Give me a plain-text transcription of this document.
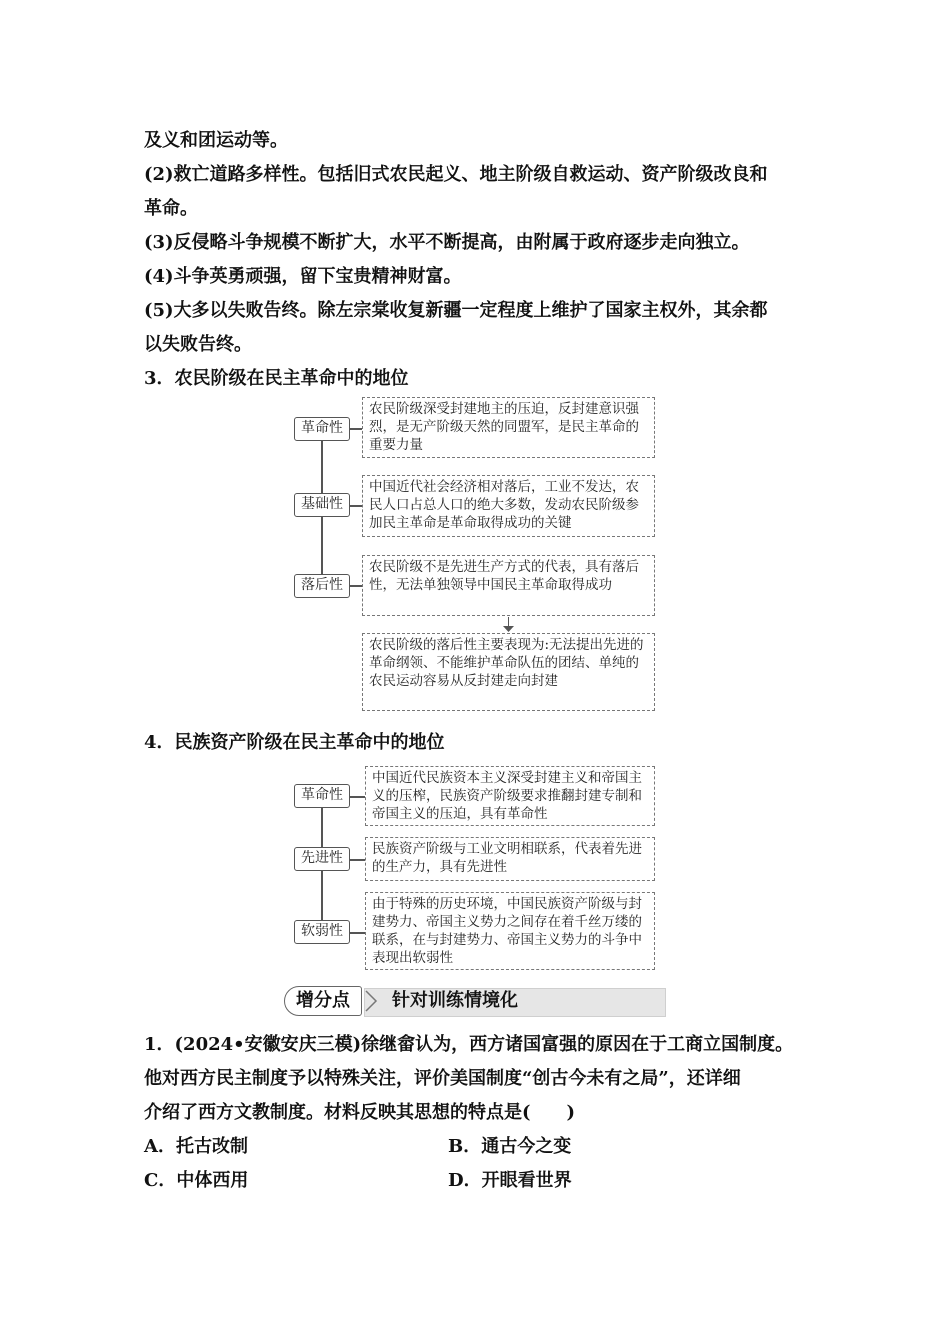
及义和团运动等。
(2)救亡道路多样性。包括旧式农民起义、地主阶级自救运动、资产阶级改良和
革命。
(3)反侵略斗争规模不断扩大，水平不断提高，由附属于政府逐步走向独立。
(4)斗争英勇顽强，留下宝贵精神财富。
(5)大多以失败告终。除左宗棠收复新疆一定程度上维护了国家主权外，其余都
以失败告终。
3．农民阶级在民主革命中的地位
革命性
基础性
落后性
农民阶级深受封建地主的压迫，反封建意识强烈，是无产阶级天然的同盟军，是民主革命的重要力量
中国近代社会经济相对落后，工业不发达，农民人口占总人口的绝大多数，发动农民阶级参加民主革命是革命取得成功的关键
农民阶级不是先进生产方式的代表，具有落后性，无法单独领导中国民主革命取得成功
农民阶级的落后性主要表现为:无法提出先进的革命纲领、不能维护革命队伍的团结、单纯的农民运动容易从反封建走向封建
4．民族资产阶级在民主革命中的地位
革命性
先进性
软弱性
中国近代民族资本主义深受封建主义和帝国主义的压榨，民族资产阶级要求推翻封建专制和帝国主义的压迫，具有革命性
民族资产阶级与工业文明相联系，代表着先进的生产力，具有先进性
由于特殊的历史环境，中国民族资产阶级与封建势力、帝国主义势力之间存在着千丝万缕的联系，在与封建势力、帝国主义势力的斗争中表现出软弱性
增分点	针对训练情境化
1．(2024•安徽安庆三模)徐继畲认为，西方诸国富强的原因在于工商立国制度。
他对西方民主制度予以特殊关注，评价美国制度“创古今未有之局”，还详细
介绍了西方文教制度。材料反映其思想的特点是(　　)
A．托古改制	B．通古今之变
C．中体西用	D．开眼看世界
